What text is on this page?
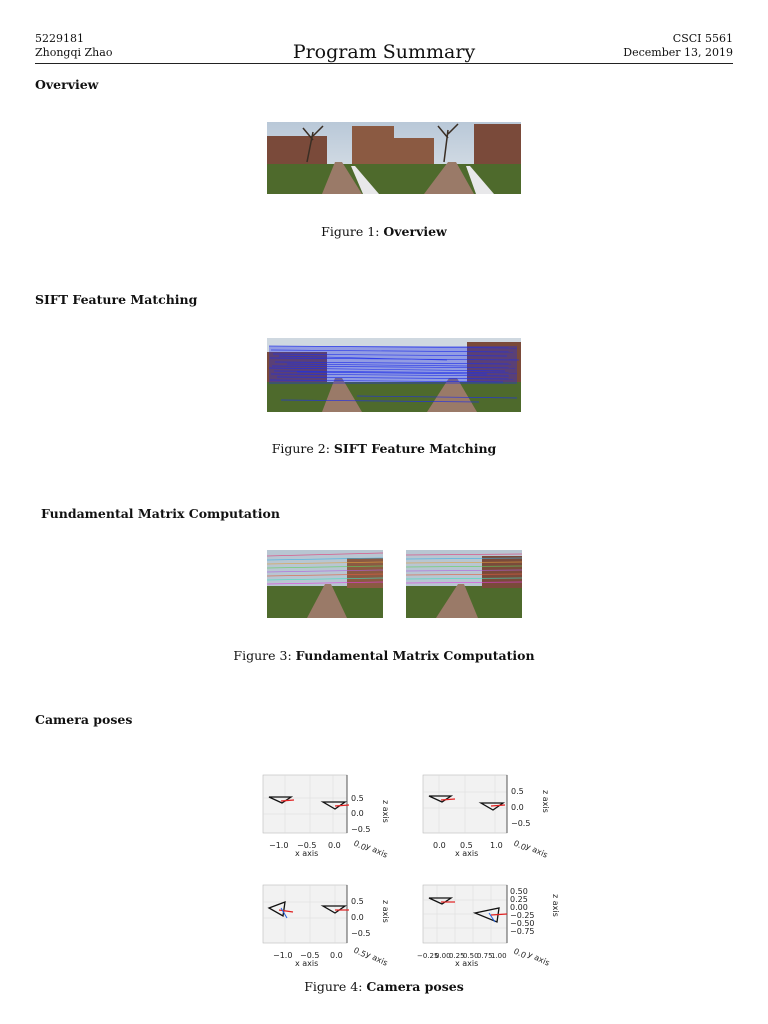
5229181
Zhongqi Zhao	Program Summary
CSCI 5561
December 13, 2019
Overview
Figure 1: Overview
SIFT Feature Matching
Figure 2: SIFT Feature Matching
Fundamental Matrix Computation
Figure 3: Fundamental Matrix Computation
Camera poses
0.5
0.0
−0.5
z axis
−1.0 −0.5 0.0
x axis
0.0
y axis
0.5
0.0
−0.5
z axis
0.0 0.5 1.0
x axis
0.0
y axis
0.5
0.0
−0.5
z axis
−1.0 −0.5 0.0
x axis
0.5
y axis
0.50
0.25
0.00
−0.25
−0.50
−0.75
z axis
−0.25
0.00
0.25
0.50
0.75
1.00
x axis
0.0
y axis
Figure 4: Camera poses
